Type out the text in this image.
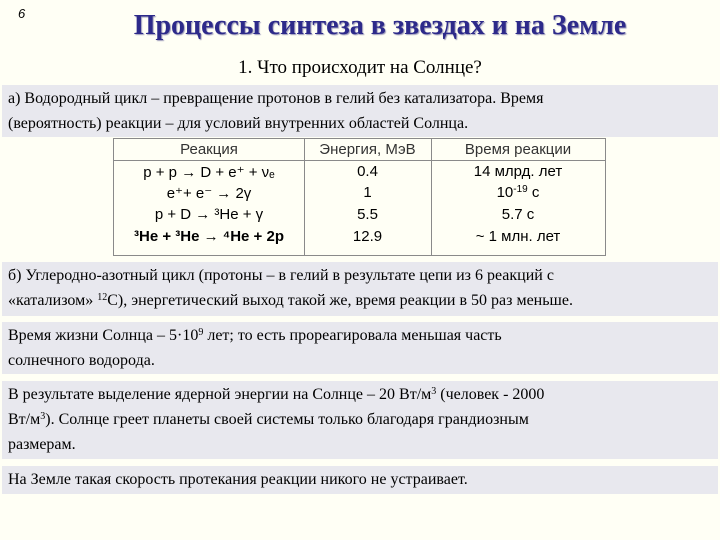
6	Процессы синтеза в звездах и на Земле
1. Что происходит на Солнце?
а) Водородный цикл – превращение протонов в гелий без катализатора. Время
(вероятность) реакции – для условий внутренних областей Солнца.
Реакция	Энергия, МэВ	Время реакции
p + p → D + e⁺ + νₑ	0.4	14 млрд. лет
e⁺+ e⁻ → 2γ	1	$10^{-19}$ с
p + D → ³He + γ	5.5	5.7 с
³He + ³He → ⁴He + 2p	12.9	~ 1 млн. лет
б) Углеродно-азотный цикл (протоны – в гелий в результате цепи из 6 реакций с
«катализом» $^{12}$С), энергетический выход такой же, время реакции в 50 раз меньше.
Время жизни Солнца – $5\cdot 10^9$ лет; то есть прореагировала меньшая часть
солнечного водорода.
В результате выделение ядерной энергии на Солнце – 20 $Вт/м^3$ (человек - 2000
$Вт/м^3$). Солнце греет планеты своей системы только благодаря грандиозным
размерам.
На Земле такая скорость протекания реакции никого не устраивает.
